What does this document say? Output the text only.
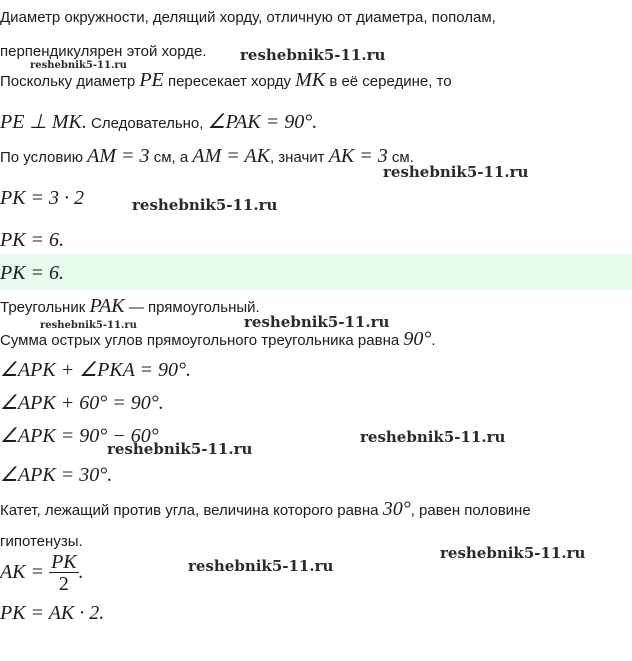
Диаметр окружности, делящий хорду, отличную от диаметра, пополам,
перпендикулярен этой хорде.
Поскольку диаметр PE пересекает хорду MK в её середине, то
PE ⊥ MK. Следовательно, ∠PAK = 90°.
По условию AM = 3 см, а AM = AK, значит AK = 3 см.
PK = 3 · 2
PK = 6.
PK = 6.
Треугольник PAK — прямоугольный.
Сумма острых углов прямоугольного треугольника равна 90°.
∠APK + ∠PKA = 90°.
∠APK + 60° = 90°.
∠APK = 90° − 60°
∠APK = 30°.
Катет, лежащий против угла, величина которого равна 30°, равен половине
гипотенузы.
AK = $\frac{PK}{2}$ .
PK = AK · 2.
reshebnik5-11.ru
reshebnik5-11.ru
reshebnik5-11.ru
reshebnik5-11.ru
reshebnik5-11.ru
reshebnik5-11.ru
reshebnik5-11.ru
reshebnik5-11.ru
reshebnik5-11.ru
reshebnik5-11.ru
